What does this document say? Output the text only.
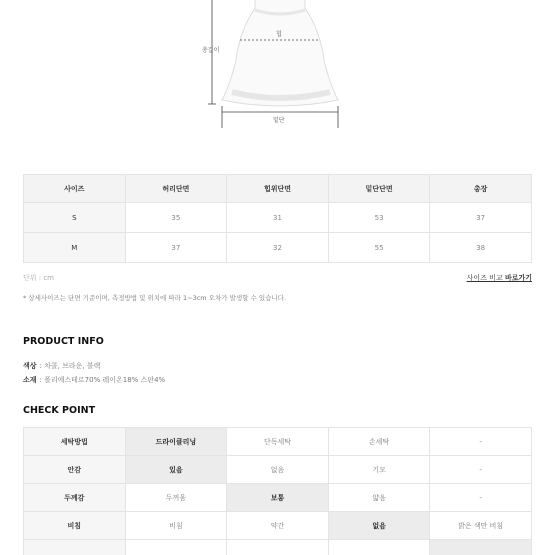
총길이
힙
밑단
사이즈	허리단면	힙위단면	밑단단면	총장
S	35	31	53	37
M	37	32	55	38
단위 : cm	사이즈 비교 바로가기
* 상세사이즈는 단면 기준이며, 측정방법 및 위치에 따라 1~3cm 오차가 발생할 수 있습니다.
PRODUCT INFO
색상 : 차콜, 브라운, 블랙
소재 : 폴리에스테르70% 레이온18% 스판4%
CHECK POINT
세탁방법	드라이클리닝	단독세탁	손세탁	-
안감	있음	없음	기모	-
두께감	두꺼움	보통	얇음	-
비침	비침	약간	없음	밝은 색만 비침
